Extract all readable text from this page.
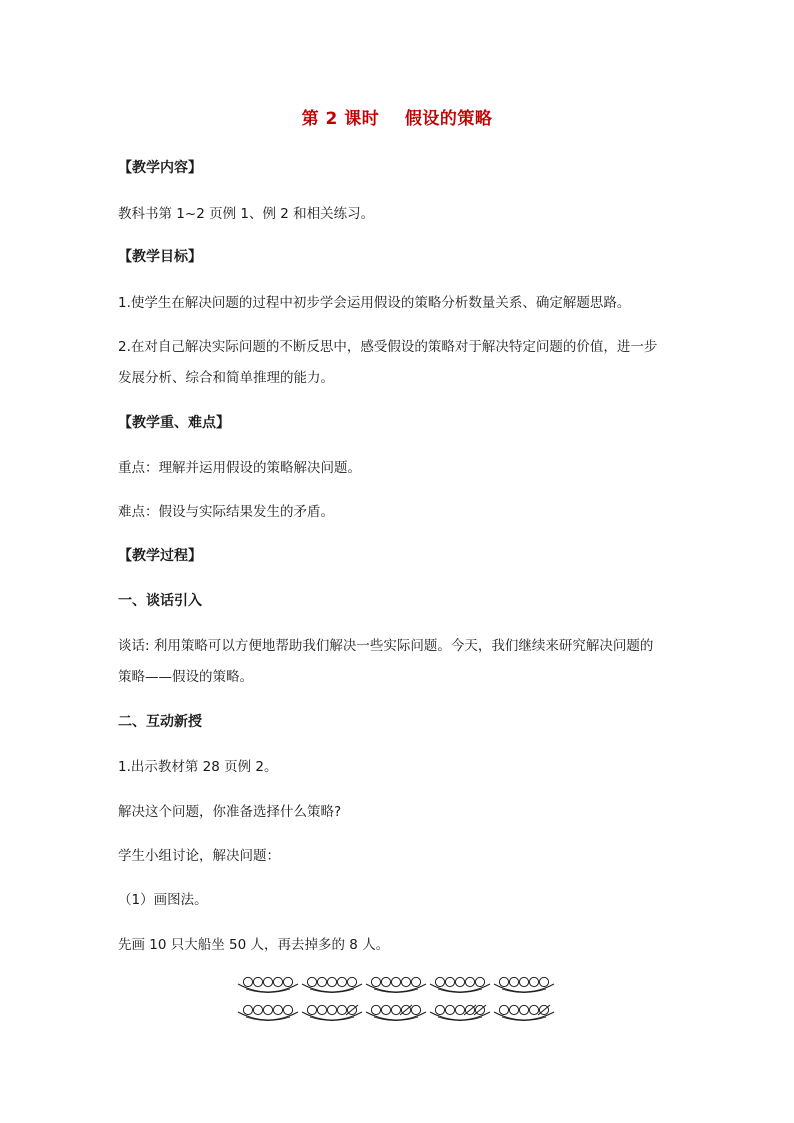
第 2 课时    假设的策略
【教学内容】
教科书第 1~2 页例 1、例 2 和相关练习。
【教学目标】
1.使学生在解决问题的过程中初步学会运用假设的策略分析数量关系、确定解题思路。
2.在对自己解决实际问题的不断反思中，感受假设的策略对于解决特定问题的价值，进一步
发展分析、综合和简单推理的能力。
【教学重、难点】
重点：理解并运用假设的策略解决问题。
难点：假设与实际结果发生的矛盾。
【教学过程】
一、谈话引入
谈话: 利用策略可以方便地帮助我们解决一些实际问题。今天，我们继续来研究解决问题的
策略——假设的策略。
二、互动新授
1.出示教材第 28 页例 2。
解决这个问题，你准备选择什么策略?
学生小组讨论，解决问题：
（1）画图法。
先画 10 只大船坐 50 人，再去掉多的 8 人。
